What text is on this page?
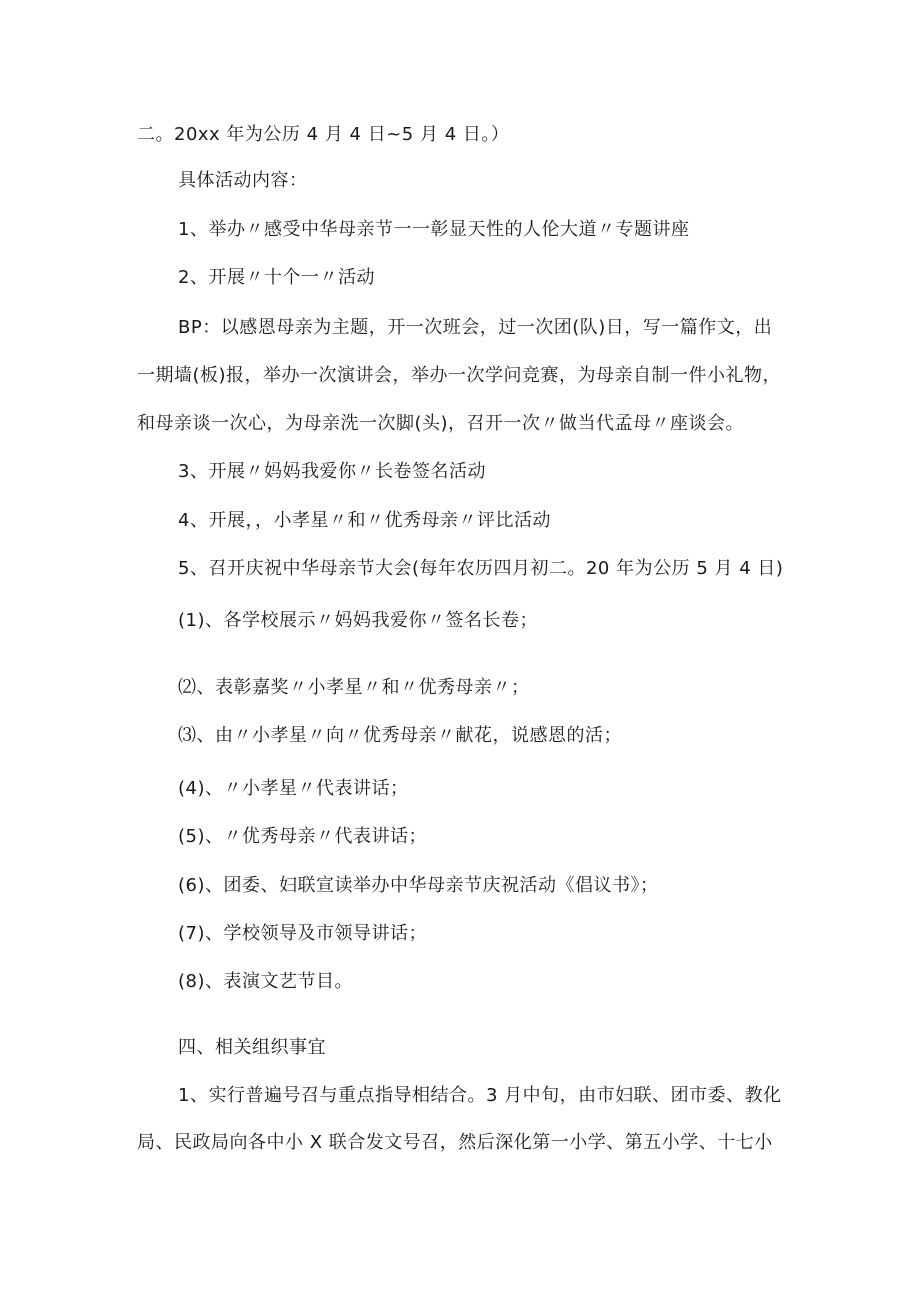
二。20xx 年为公历 4 月 4 日~5 月 4 日。）
具体活动内容：
1、举办〃感受中华母亲节一一彰显天性的人伦大道〃专题讲座
2、开展〃十个一〃活动
BP：以感恩母亲为主题，开一次班会，过一次团(队)日，写一篇作文，出
一期墙(板)报，举办一次演讲会，举办一次学问竞赛，为母亲自制一件小礼物，
和母亲谈一次心，为母亲洗一次脚(头)，召开一次〃做当代孟母〃座谈会。
3、开展〃妈妈我爱你〃长卷签名活动
4、开展，，小孝星〃和〃优秀母亲〃评比活动
5、召开庆祝中华母亲节大会(每年农历四月初二。20 年为公历 5 月 4 日)
(1)、各学校展示〃妈妈我爱你〃签名长卷；
⑵、表彰嘉奖〃小孝星〃和〃优秀母亲〃；
⑶、由〃小孝星〃向〃优秀母亲〃献花，说感恩的活；
(4)、〃小孝星〃代表讲话；
(5)、〃优秀母亲〃代表讲话；
(6)、团委、妇联宣读举办中华母亲节庆祝活动《倡议书》；
(7)、学校领导及市领导讲话；
(8)、表演文艺节目。
四、相关组织事宜
1、实行普遍号召与重点指导相结合。3 月中旬，由市妇联、团市委、教化
局、民政局向各中小 X 联合发文号召，然后深化第一小学、第五小学、十七小
